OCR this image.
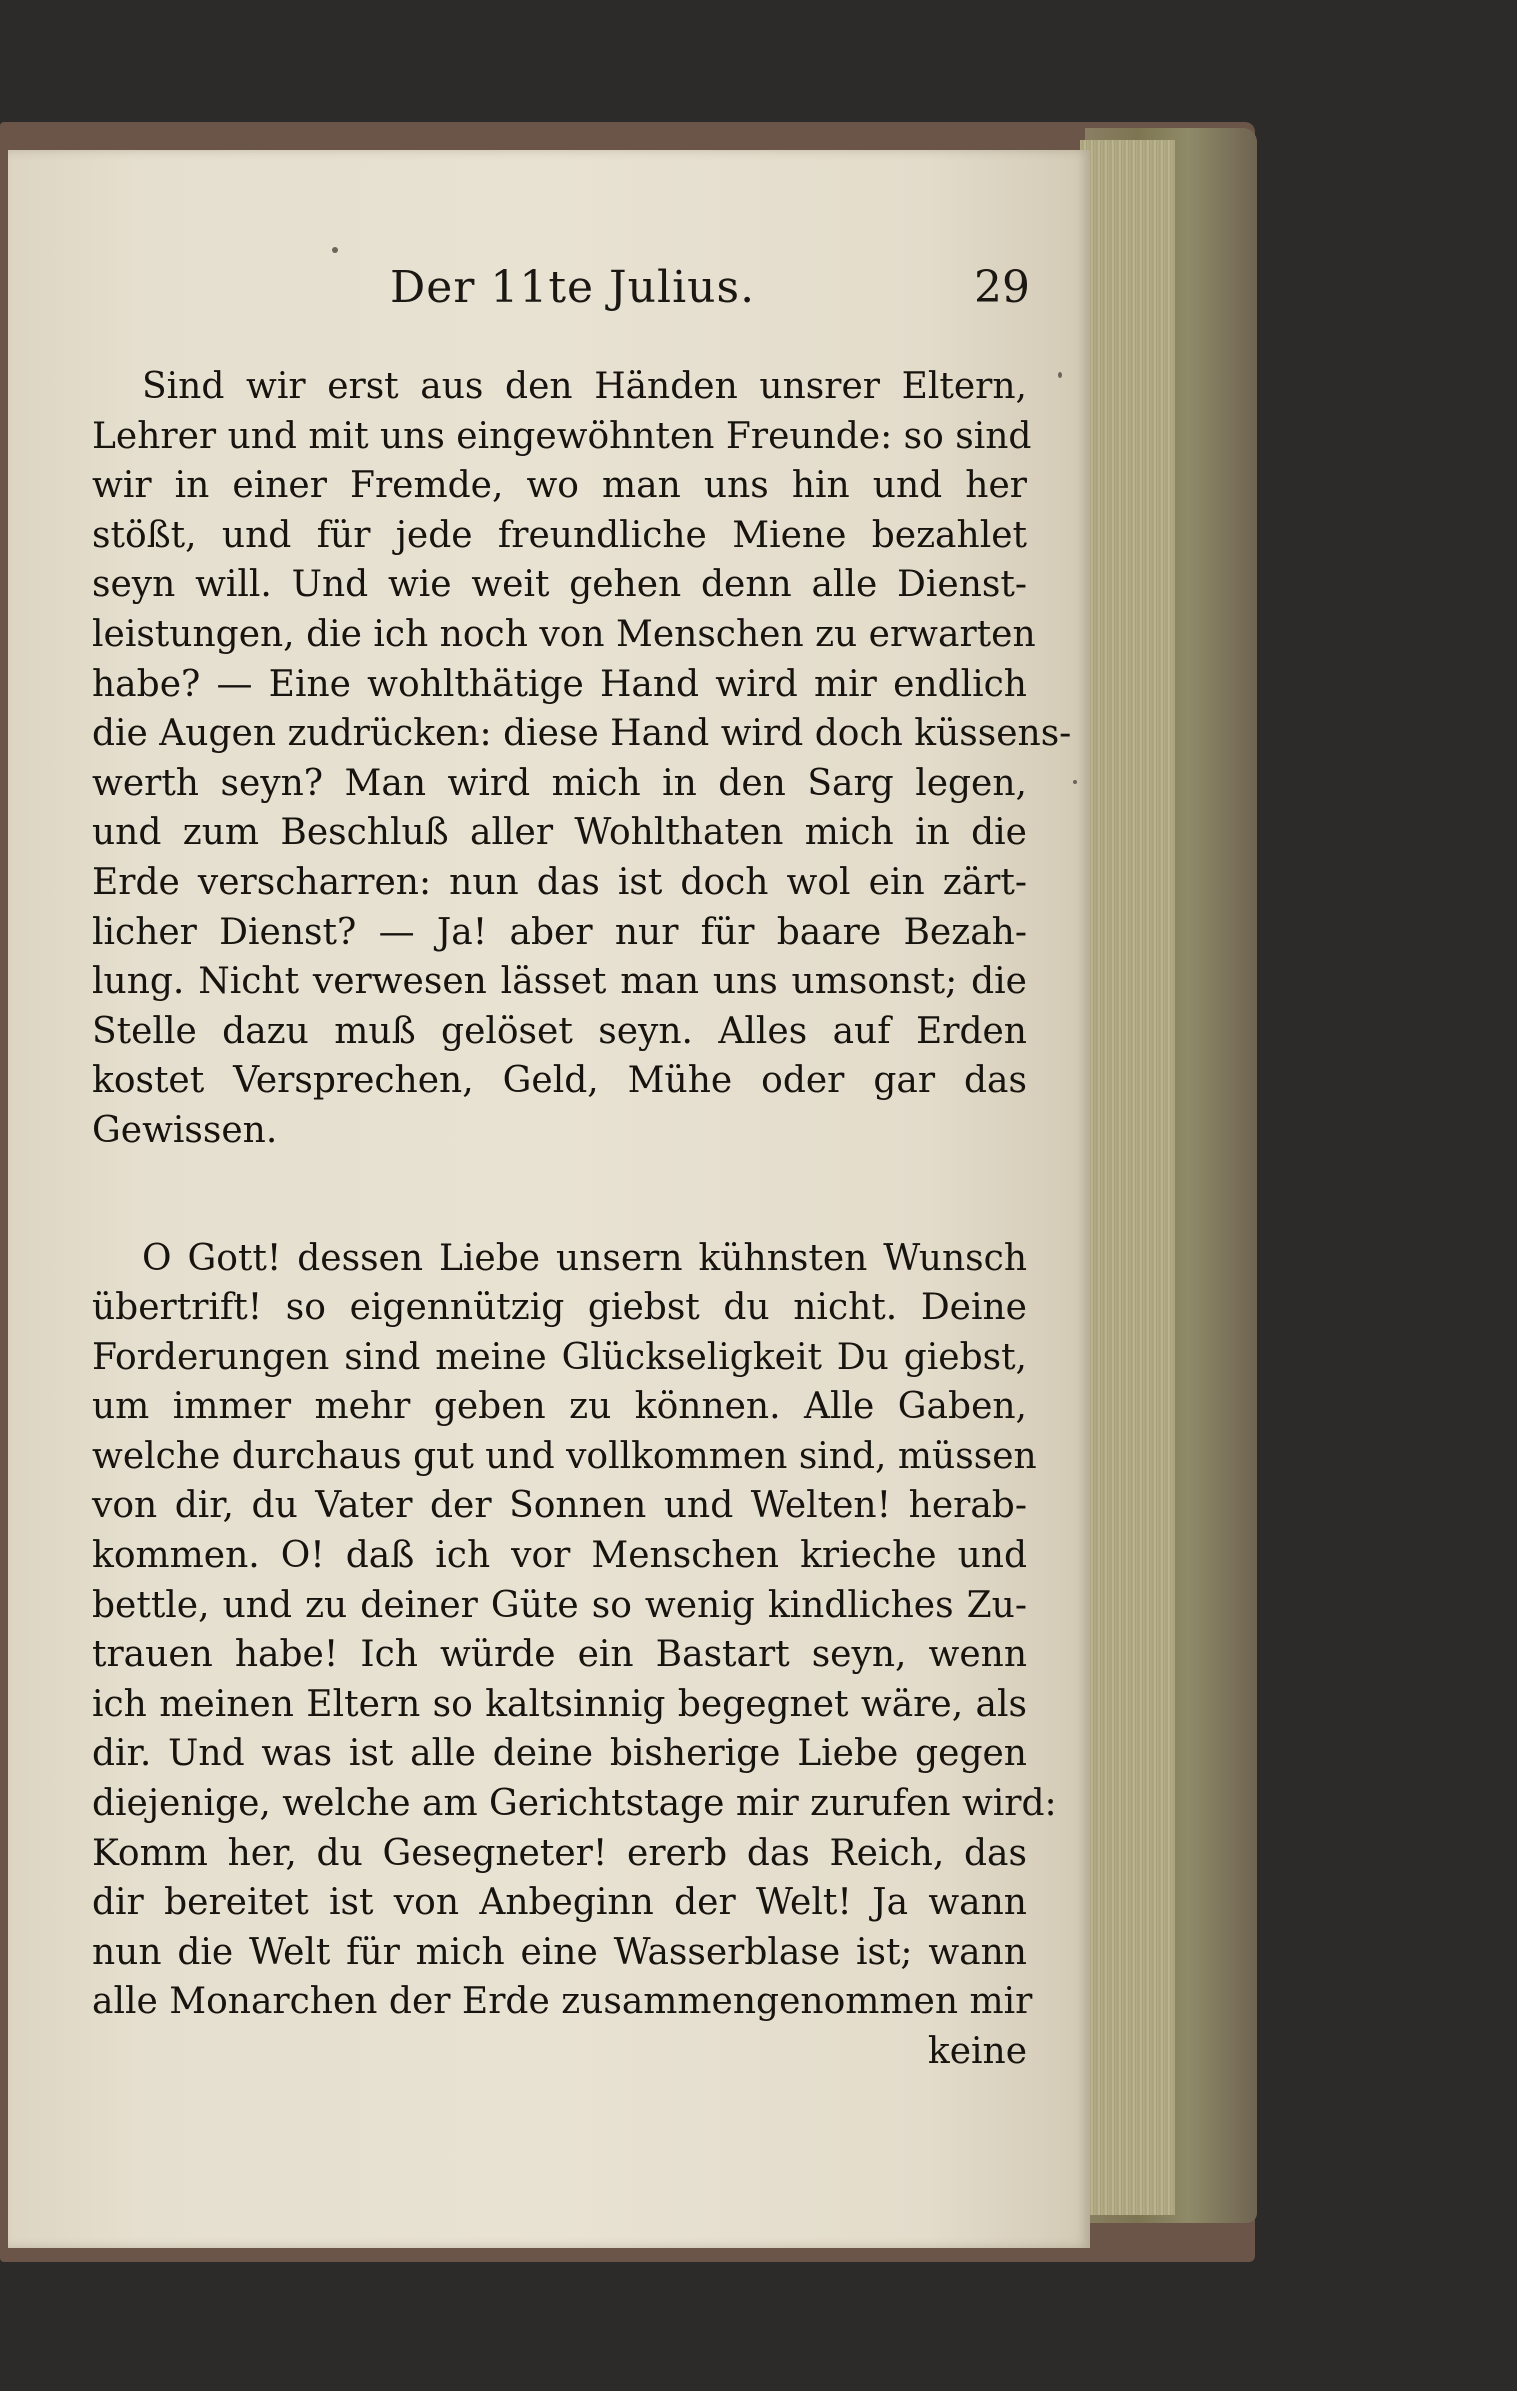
Der 11te Julius.	29
Sind wir erst aus den Händen unsrer Eltern,
Lehrer und mit uns eingewöhnten Freunde: so sind
wir in einer Fremde, wo man uns hin und her
stößt, und für jede freundliche Miene bezahlet
seyn will. Und wie weit gehen denn alle Dienst-
leistungen, die ich noch von Menschen zu erwarten
habe? — Eine wohlthätige Hand wird mir endlich
die Augen zudrücken: diese Hand wird doch küssens-
werth seyn? Man wird mich in den Sarg legen,
und zum Beschluß aller Wohlthaten mich in die
Erde verscharren: nun das ist doch wol ein zärt-
licher Dienst? — Ja! aber nur für baare Bezah-
lung. Nicht verwesen lässet man uns umsonst; die
Stelle dazu muß gelöset seyn. Alles auf Erden
kostet Versprechen, Geld, Mühe oder gar das
Gewissen.
O Gott! dessen Liebe unsern kühnsten Wunsch
übertrift! so eigennützig giebst du nicht. Deine
Forderungen sind meine Glückseligkeit Du giebst,
um immer mehr geben zu können. Alle Gaben,
welche durchaus gut und vollkommen sind, müssen
von dir, du Vater der Sonnen und Welten! herab-
kommen. O! daß ich vor Menschen krieche und
bettle, und zu deiner Güte so wenig kindliches Zu-
trauen habe! Ich würde ein Bastart seyn, wenn
ich meinen Eltern so kaltsinnig begegnet wäre, als
dir. Und was ist alle deine bisherige Liebe gegen
diejenige, welche am Gerichtstage mir zurufen wird:
Komm her, du Gesegneter! ererb das Reich, das
dir bereitet ist von Anbeginn der Welt! Ja wann
nun die Welt für mich eine Wasserblase ist; wann
alle Monarchen der Erde zusammengenommen mir
keine
